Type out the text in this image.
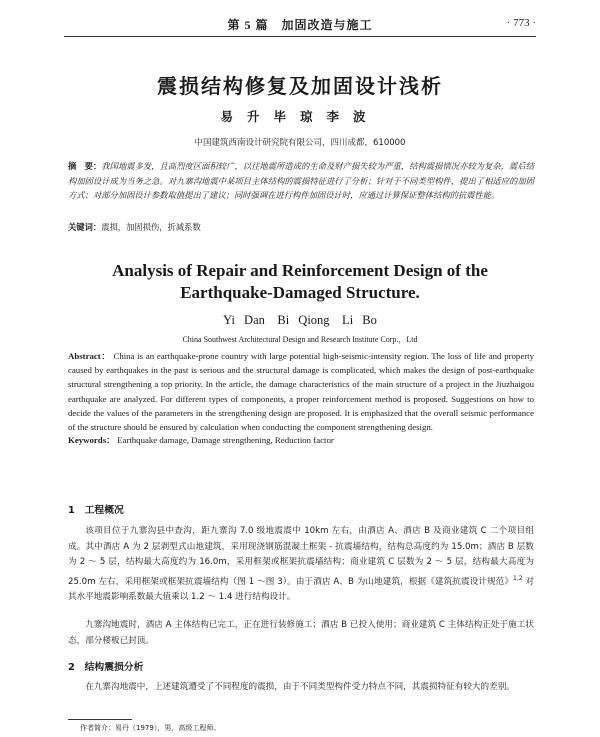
第 5 篇　加固改造与施工	· 773 ·
震损结构修复及加固设计浅析
易升毕琼李波
中国建筑西南设计研究院有限公司，四川成都，610000
摘　要：我国地震多发，且高烈度区面积较广，以往地震所造成的生命及财产损失较为严重，结构震损情况亦较为复杂，震后结构加固设计成为当务之急。对九寨沟地震中某项目主体结构的震损特征进行了分析；针对于不同类型构件，提出了相适应的加固方式；对部分加固设计参数取值提出了建议；同时强调在进行构件加固设计时，应通过计算保证整体结构的抗震性能。
关键词：震损，加固损伤，折减系数
Analysis of Repair and Reinforcement Design of the
Earthquake-Damaged Structure.
Yi Dan　Bi Qiong　Li Bo
China Southwest Architectural Design and Research Institute Corp.，Ltd
Abstract： China is an earthquake-prone country with large potential high-seismic-intensity region. The loss of life and property caused by earthquakes in the past is serious and the structural damage is complicated, which makes the design of post-earthquake structural strengthening a top priority. In the article, the damage characteristics of the main structure of a project in the Jiuzhaigou earthquake are analyzed. For different types of components, a proper reinforcement method is proposed. Suggestions on how to decide the values of the parameters in the strengthening design are proposed. It is emphasized that the overall seismic performance of the structure should be ensured by calculation when conducting the component strengthening design.
Keywords： Earthquake damage, Damage strengthening, Reduction factor
1　工程概况
该项目位于九寨沟县中查沟，距九寨沟 7.0 级地震震中 10km 左右，由酒店 A、酒店 B 及商业建筑 C 二个项目组成。其中酒店 A 为 2 层剥型式山地建筑，采用现浇钢筋混凝土框架 - 抗震墙结构，结构总高度约为 15.0m；酒店 B 层数为 2 ～ 5 层，结构最大高度约为 16.0m，采用框架或框架抗震墙结构；商业建筑 C 层数为 2 ～ 5 层，结构最大高度为 25.0m 左右，采用框架或框架抗震墙结构（图 1 ～图 3）。由于酒店 A、B 为山地建筑，根据《建筑抗震设计规范》$^{1,2}$ 对其水平地震影响系数最大值乘以 1.2 ～ 1.4 进行结构设计。
九寨沟地震时，酒店 A 主体结构已完工，正在进行装修施工；酒店 B 已投入使用；商业建筑 C 主体结构正处于施工状态，部分楼板已封顶。
2　结构震损分析
在九寨沟地震中，上述建筑遭受了不同程度的震损，由于不同类型构件受力特点不同，其震损特征有较大的差别。
作者简介：易丹（1979），男，高级工程师。
